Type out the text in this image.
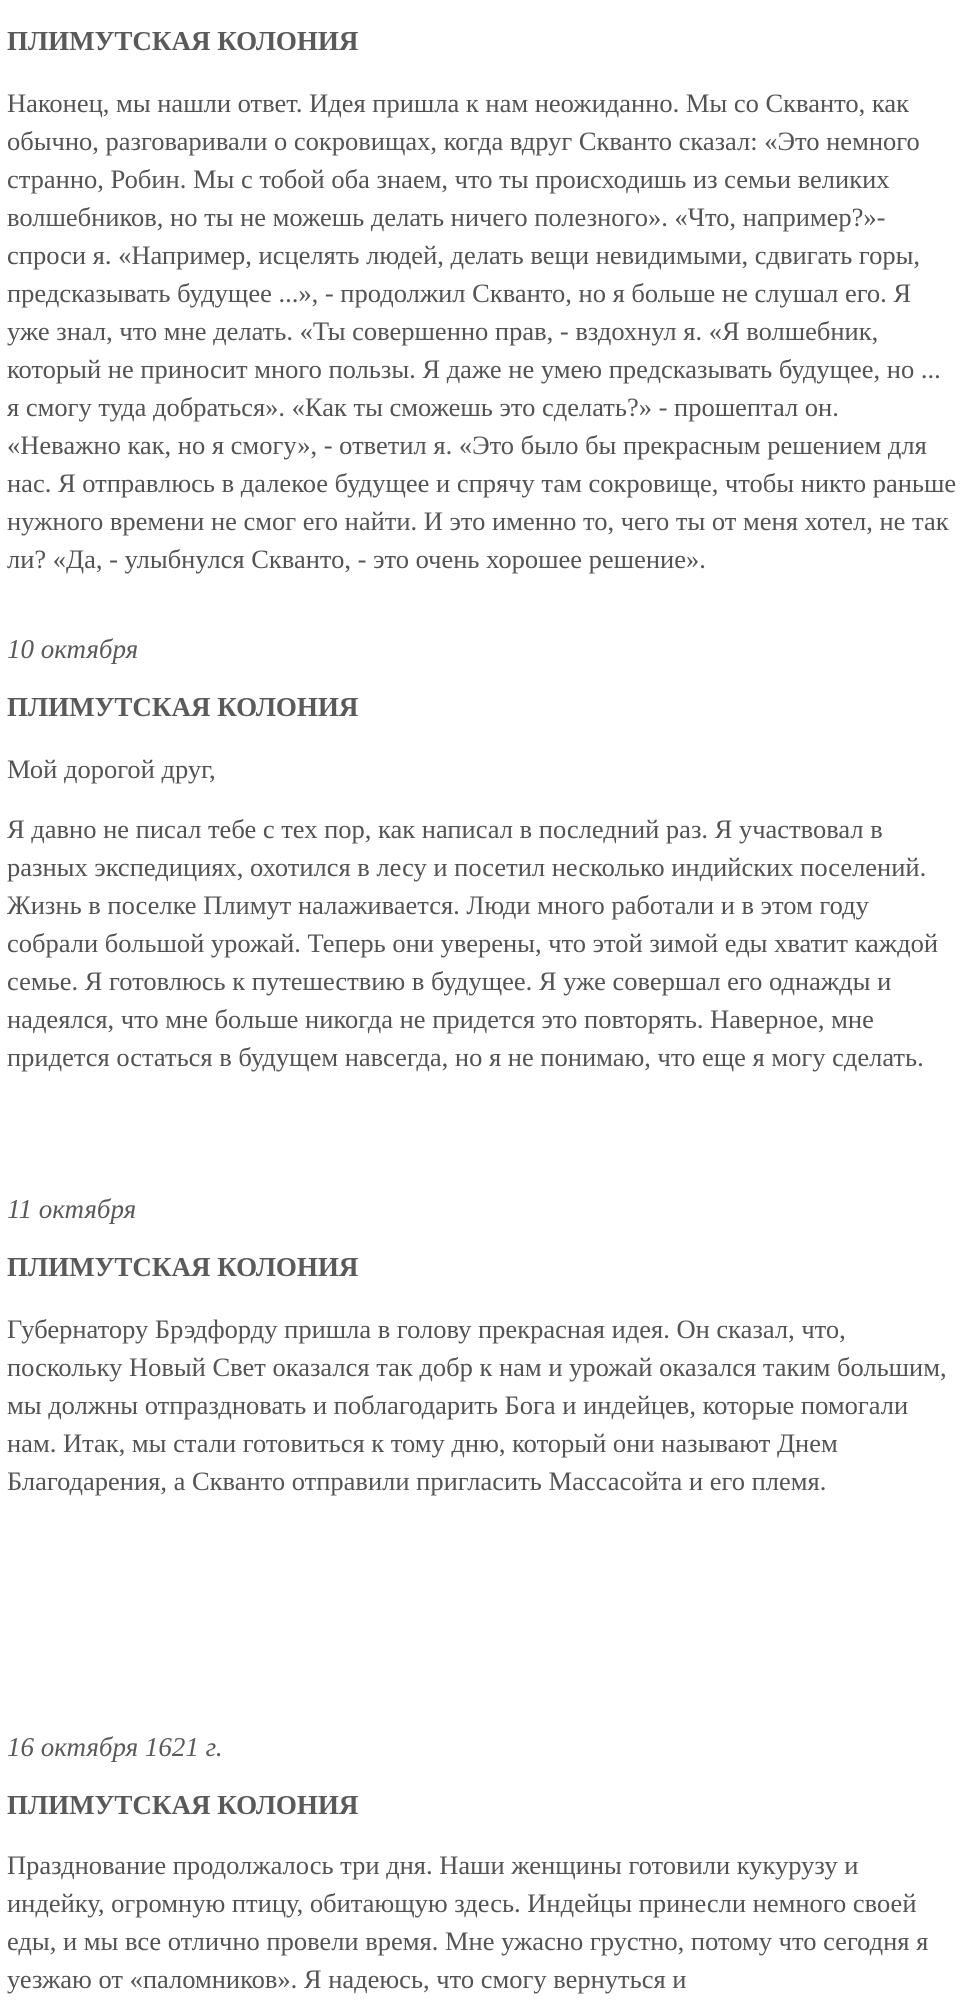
ПЛИМУТСКАЯ КОЛОНИЯ

Наконец, мы нашли ответ. Идея пришла к нам неожиданно. Мы со Скванто, как обычно, разговаривали о сокровищах, когда вдруг Скванто сказал: «Это немного странно, Робин. Мы с тобой оба знаем, что ты происходишь из семьи великих волшебников, но ты не можешь делать ничего полезного». «Что, например?»-спроси я. «Например, исцелять людей, делать вещи невидимыми, сдвигать горы, предсказывать будущее ...», - продолжил Скванто, но я больше не слушал его. Я уже знал, что мне делать. «Ты совершенно прав, - вздохнул я. «Я волшебник, который не приносит много пользы. Я даже не умею предсказывать будущее, но ... я смогу туда добраться». «Как ты сможешь это сделать?» - прошептал он. «Неважно как, но я смогу», - ответил я. «Это было бы прекрасным решением для нас. Я отправлюсь в далекое будущее и спрячу там сокровище, чтобы никто раньше нужного времени не смог его найти. И это именно то, чего ты от меня хотел, не так ли? «Да, - улыбнулся Скванто, - это очень хорошее решение».

10 октября
ПЛИМУТСКАЯ КОЛОНИЯ

Мой дорогой друг,

Я давно не писал тебе с тех пор, как написал в последний раз. Я участвовал в разных экспедициях, охотился в лесу и посетил несколько индийских поселений. Жизнь в поселке Плимут налаживается. Люди много работали и в этом году собрали большой урожай. Теперь они уверены, что этой зимой еды хватит каждой семье. Я готовлюсь к путешествию в будущее. Я уже совершал его однажды и надеялся, что мне больше никогда не придется это повторять. Наверное, мне придется остаться в будущем навсегда, но я не понимаю, что еще я могу сделать.

11 октября
ПЛИМУТСКАЯ КОЛОНИЯ

Губернатору Брэдфорду пришла в голову прекрасная идея. Он сказал, что, поскольку Новый Свет оказался так добр к нам и урожай оказался таким большим, мы должны отпраздновать и поблагодарить Бога и индейцев, которые помогали нам. Итак, мы стали готовиться к тому дню, который они называют Днем Благодарения, а Скванто отправили пригласить Массасойта и его племя.

16 октября 1621 г.
ПЛИМУТСКАЯ КОЛОНИЯ

Празднование продолжалось три дня. Наши женщины готовили кукурузу и индейку, огромную птицу, обитающую здесь. Индейцы принесли немного своей еды, и мы все отлично провели время. Мне ужасно грустно, потому что сегодня я уезжаю от «паломников». Я надеюсь, что смогу вернуться и
